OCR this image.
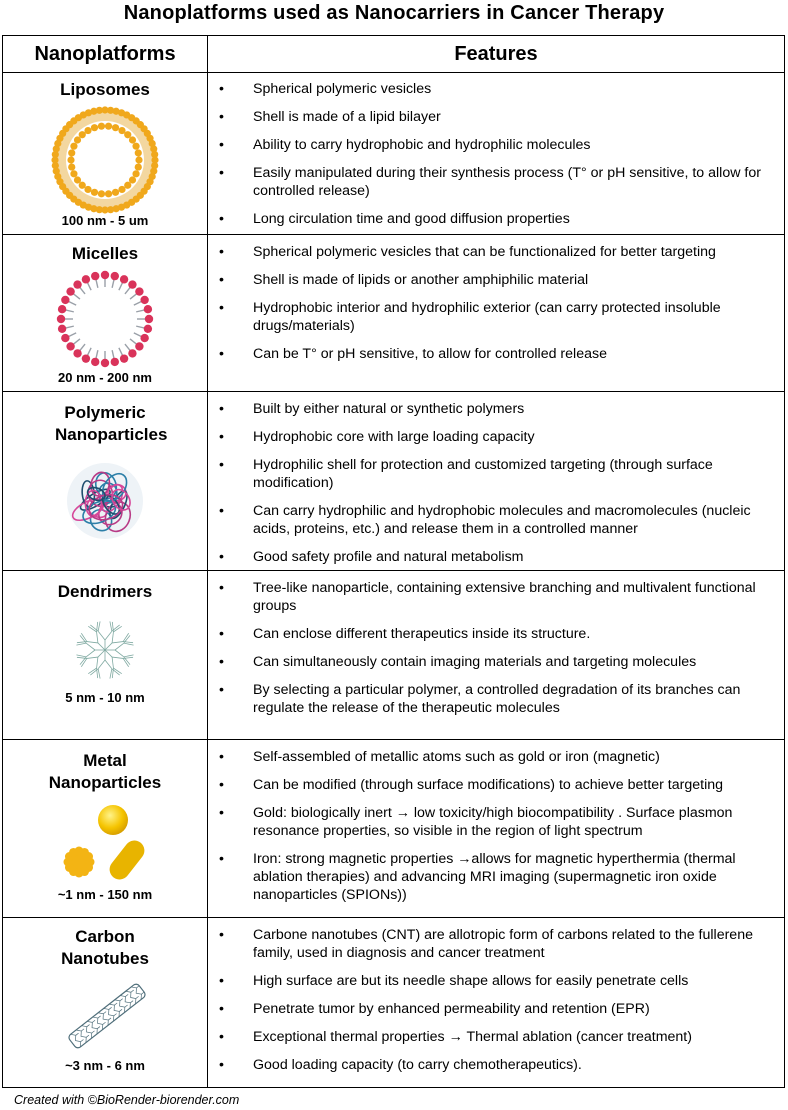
Nanoplatforms used as Nanocarriers in Cancer Therapy
Nanoplatforms	Features
Liposomes
100 nm - 5 um
• Spherical polymeric vesicles
• Shell is made of a lipid bilayer
• Ability to carry hydrophobic and hydrophilic molecules
• Easily manipulated during their synthesis process (T° or pH sensitive, to allow for controlled release)
• Long circulation time and good diffusion properties
Micelles
20 nm - 200 nm
• Spherical polymeric vesicles that can be functionalized for better targeting
• Shell is made of lipids or another amphiphilic material
• Hydrophobic interior and hydrophilic exterior (can carry protected insoluble drugs/materials)
• Can be T° or pH sensitive, to allow for controlled release
Polymeric Nanoparticles
• Built by either natural or synthetic polymers
• Hydrophobic core with large loading capacity
• Hydrophilic shell for protection and customized targeting (through surface modification)
• Can carry hydrophilic and hydrophobic molecules and macromolecules (nucleic acids, proteins, etc.) and release them in a controlled manner
• Good safety profile and natural metabolism
Dendrimers
5 nm - 10 nm
• Tree-like nanoparticle, containing extensive branching and multivalent functional groups
• Can enclose different therapeutics inside its structure.
• Can simultaneously contain imaging materials and targeting molecules
• By selecting a particular polymer, a controlled degradation of its branches can regulate the release of the therapeutic molecules
Metal Nanoparticles
~1 nm - 150 nm
• Self-assembled of metallic atoms such as gold or iron (magnetic)
• Can be modified (through surface modifications) to achieve better targeting
• Gold: biologically inert → low toxicity/high biocompatibility . Surface plasmon resonance properties, so visible in the region of light spectrum
• Iron: strong magnetic properties →allows for magnetic hyperthermia (thermal ablation therapies) and advancing MRI imaging (supermagnetic iron oxide nanoparticles (SPIONs))
Carbon Nanotubes
~3 nm - 6 nm
• Carbone nanotubes (CNT) are allotropic form of carbons related to the fullerene family, used in diagnosis and cancer treatment
• High surface are but its needle shape allows for easily penetrate cells
• Penetrate tumor by enhanced permeability and retention (EPR)
• Exceptional thermal properties → Thermal ablation (cancer treatment)
• Good loading capacity (to carry chemotherapeutics).
Created with ©BioRender-biorender.com
